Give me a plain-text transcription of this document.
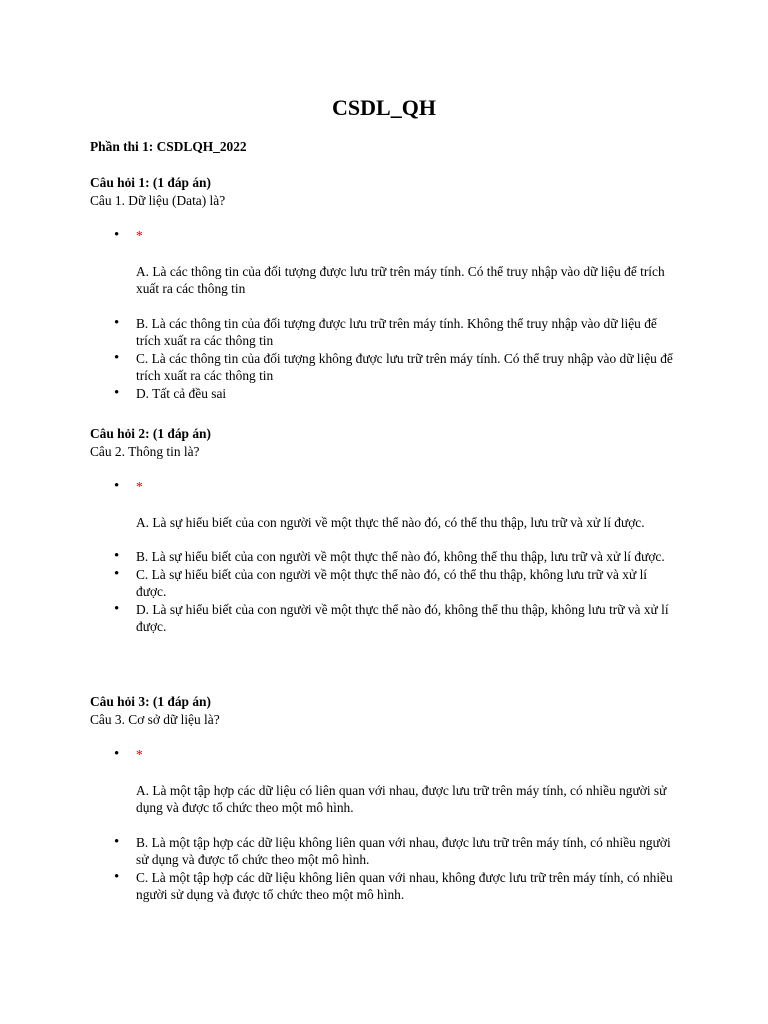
CSDL_QH

Phần thi 1: CSDLQH_2022

Câu hỏi 1: (1 đáp án)

Câu 1. Dữ liệu (Data) là?

• *
A. Là các thông tin của đối tượng được lưu trữ trên máy tính. Có thể truy nhập vào dữ liệu để trích xuất ra các thông tin
• B. Là các thông tin của đối tượng được lưu trữ trên máy tính. Không thể truy nhập vào dữ liệu để trích xuất ra các thông tin
• C. Là các thông tin của đối tượng không được lưu trữ trên máy tính. Có thể truy nhập vào dữ liệu để trích xuất ra các thông tin
• D. Tất cả đều sai

Câu hỏi 2: (1 đáp án)

Câu 2. Thông tin là?

• *
A. Là sự hiểu biết của con người về một thực thể nào đó, có thể thu thập, lưu trữ và xử lí được.
• B. Là sự hiểu biết của con người về một thực thể nào đó, không thể thu thập, lưu trữ và xử lí được.
• C. Là sự hiểu biết của con người về một thực thể nào đó, có thể thu thập, không lưu trữ và xử lí được.
• D. Là sự hiểu biết của con người về một thực thể nào đó, không thể thu thập, không lưu trữ và xử lí được.

Câu hỏi 3: (1 đáp án)

Câu 3. Cơ sở dữ liệu là?

• *
A. Là một tập hợp các dữ liệu có liên quan với nhau, được lưu trữ trên máy tính, có nhiều người sử dụng và được tổ chức theo một mô hình.
• B. Là một tập hợp các dữ liệu không liên quan với nhau, được lưu trữ trên máy tính, có nhiều người sử dụng và được tổ chức theo một mô hình.
• C. Là một tập hợp các dữ liệu không liên quan với nhau, không được lưu trữ trên máy tính, có nhiều người sử dụng và được tổ chức theo một mô hình.
